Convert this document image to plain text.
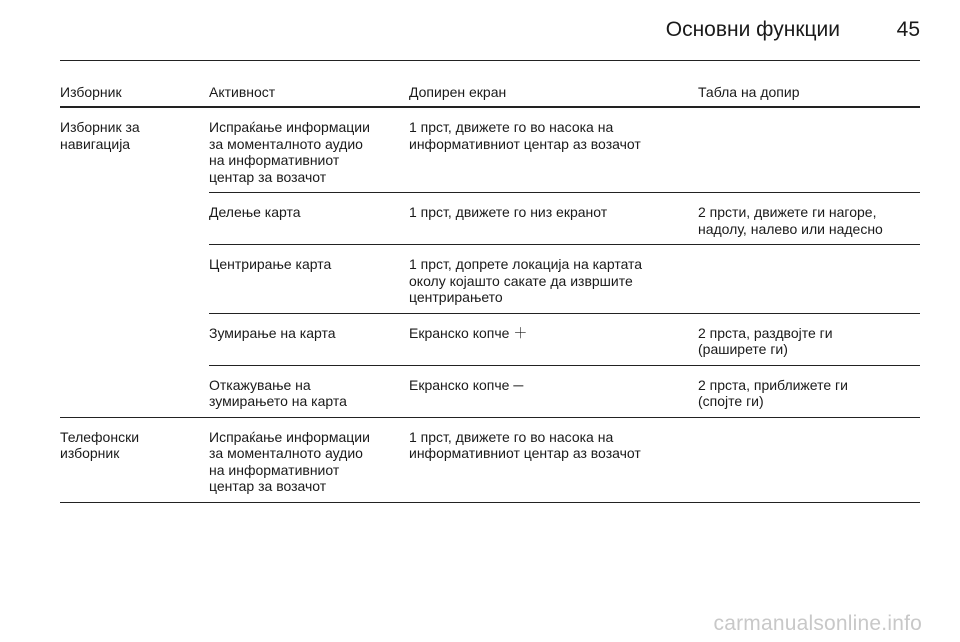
Основни функции	45
Изборник	Активност	Допирен екран	Табла на допир
Изборник за
навигација	Испраќање информации
за моменталното аудио
на информативниот
центар за возачот	1 прст, движете го во насока на
информативниот центар аз возачот	
	Делење карта	1 прст, движете го низ екранот	2 прсти, движете ги нагоре,
надолу, налево или надесно
	Центрирање карта	1 прст, допрете локација на картата
околу којашто сакате да извршите
центрирањето	
	Зумирање на карта	Екранско копче ＋	2 прста, раздвојте ги
(раширете ги)
	Откажување на
зумирањето на карта	Екранско копче ─	2 прста, приближете ги
(спојте ги)
Телефонски
изборник	Испраќање информации
за моменталното аудио
на информативниот
центар за возачот	1 прст, движете го во насока на
информативниот центар аз возачот	
carmanualsonline.info
